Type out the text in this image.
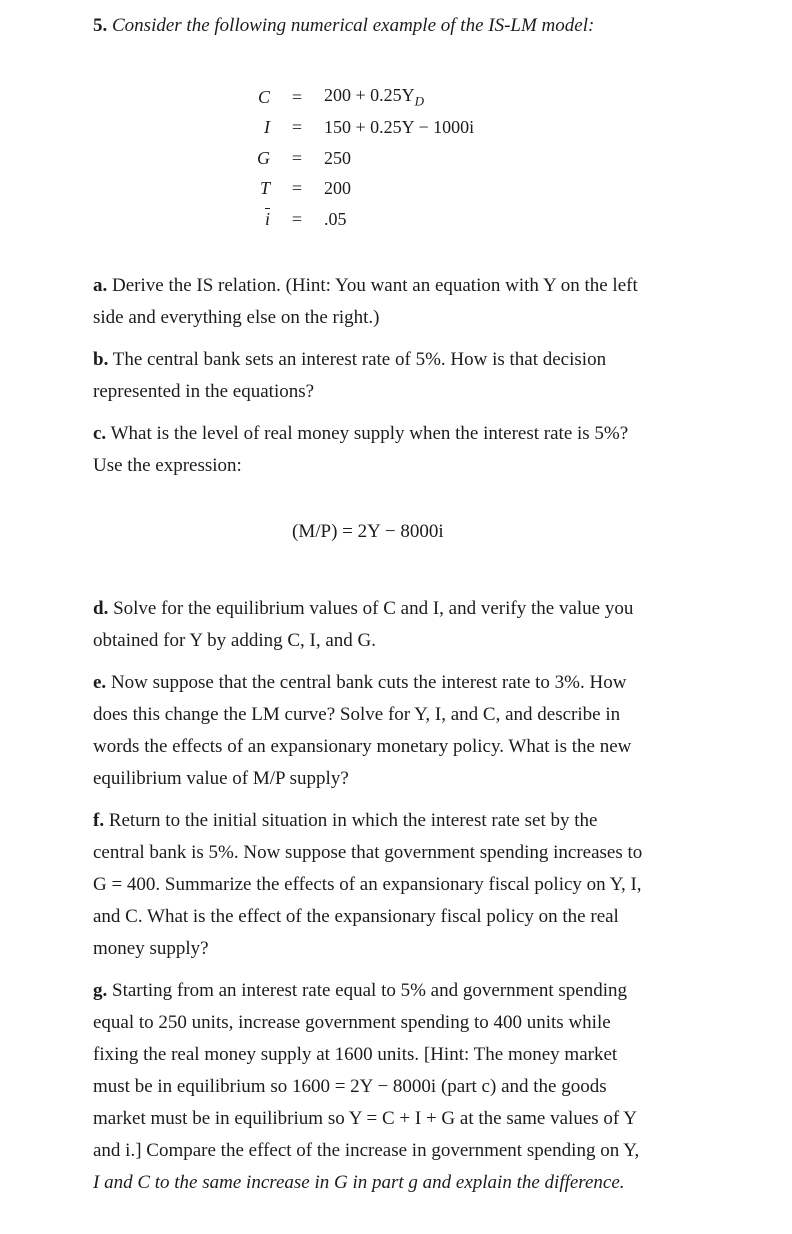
5. Consider the following numerical example of the IS-LM model:
C	=	$200 + 0.25Y_D$
I	=	150 + 0.25Y − 1000i
G	=	250
T	=	200
$\overline{i}$	=	.05
a. Derive the IS relation. (Hint: You want an equation with Y on the left
side and everything else on the right.)
b. The central bank sets an interest rate of 5%. How is that decision
represented in the equations?
c. What is the level of real money supply when the interest rate is 5%?
Use the expression:
(M/P) = 2Y − 8000i
d. Solve for the equilibrium values of C and I, and verify the value you
obtained for Y by adding C, I, and G.
e. Now suppose that the central bank cuts the interest rate to 3%. How
does this change the LM curve? Solve for Y, I, and C, and describe in
words the effects of an expansionary monetary policy. What is the new
equilibrium value of M/P supply?
f. Return to the initial situation in which the interest rate set by the
central bank is 5%. Now suppose that government spending increases to
G = 400. Summarize the effects of an expansionary fiscal policy on Y, I,
and C. What is the effect of the expansionary fiscal policy on the real
money supply?
g. Starting from an interest rate equal to 5% and government spending
equal to 250 units, increase government spending to 400 units while
fixing the real money supply at 1600 units. [Hint: The money market
must be in equilibrium so 1600 = 2Y − 8000i (part c) and the goods
market must be in equilibrium so Y = C + I + G at the same values of Y
and i.] Compare the effect of the increase in government spending on Y,
I and C to the same increase in G in part g and explain the difference.
